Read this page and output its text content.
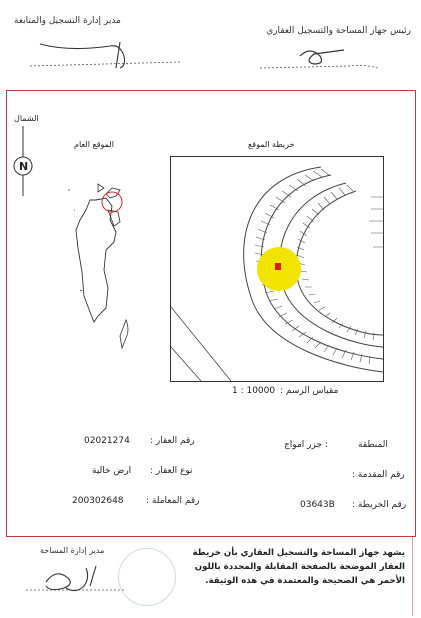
رئيس جهاز المساحة والتسجيل العقاري
مدير إدارة التسجيل والمتابعة
الشمال
N
الموقع العام	خريطة الموقع
مقياس الرسم :
1 : 10000
المنطقة
: جزر امواج
رقم العقار :
02021274
رقم المقدمة :
نوع العقار :
ارض خالية
رقم الخريطة :
03643B
رقم المعاملة :
200302648
مدير إدارة المساحة	يشهد جهاز المساحة والتسجيل العقاري بأن خريطة
العقار الموضحة بالصفحة المقابلة والمحددة باللون
الأحمر هي الصحيحة والمعتمدة في هذه الوثيقة.
